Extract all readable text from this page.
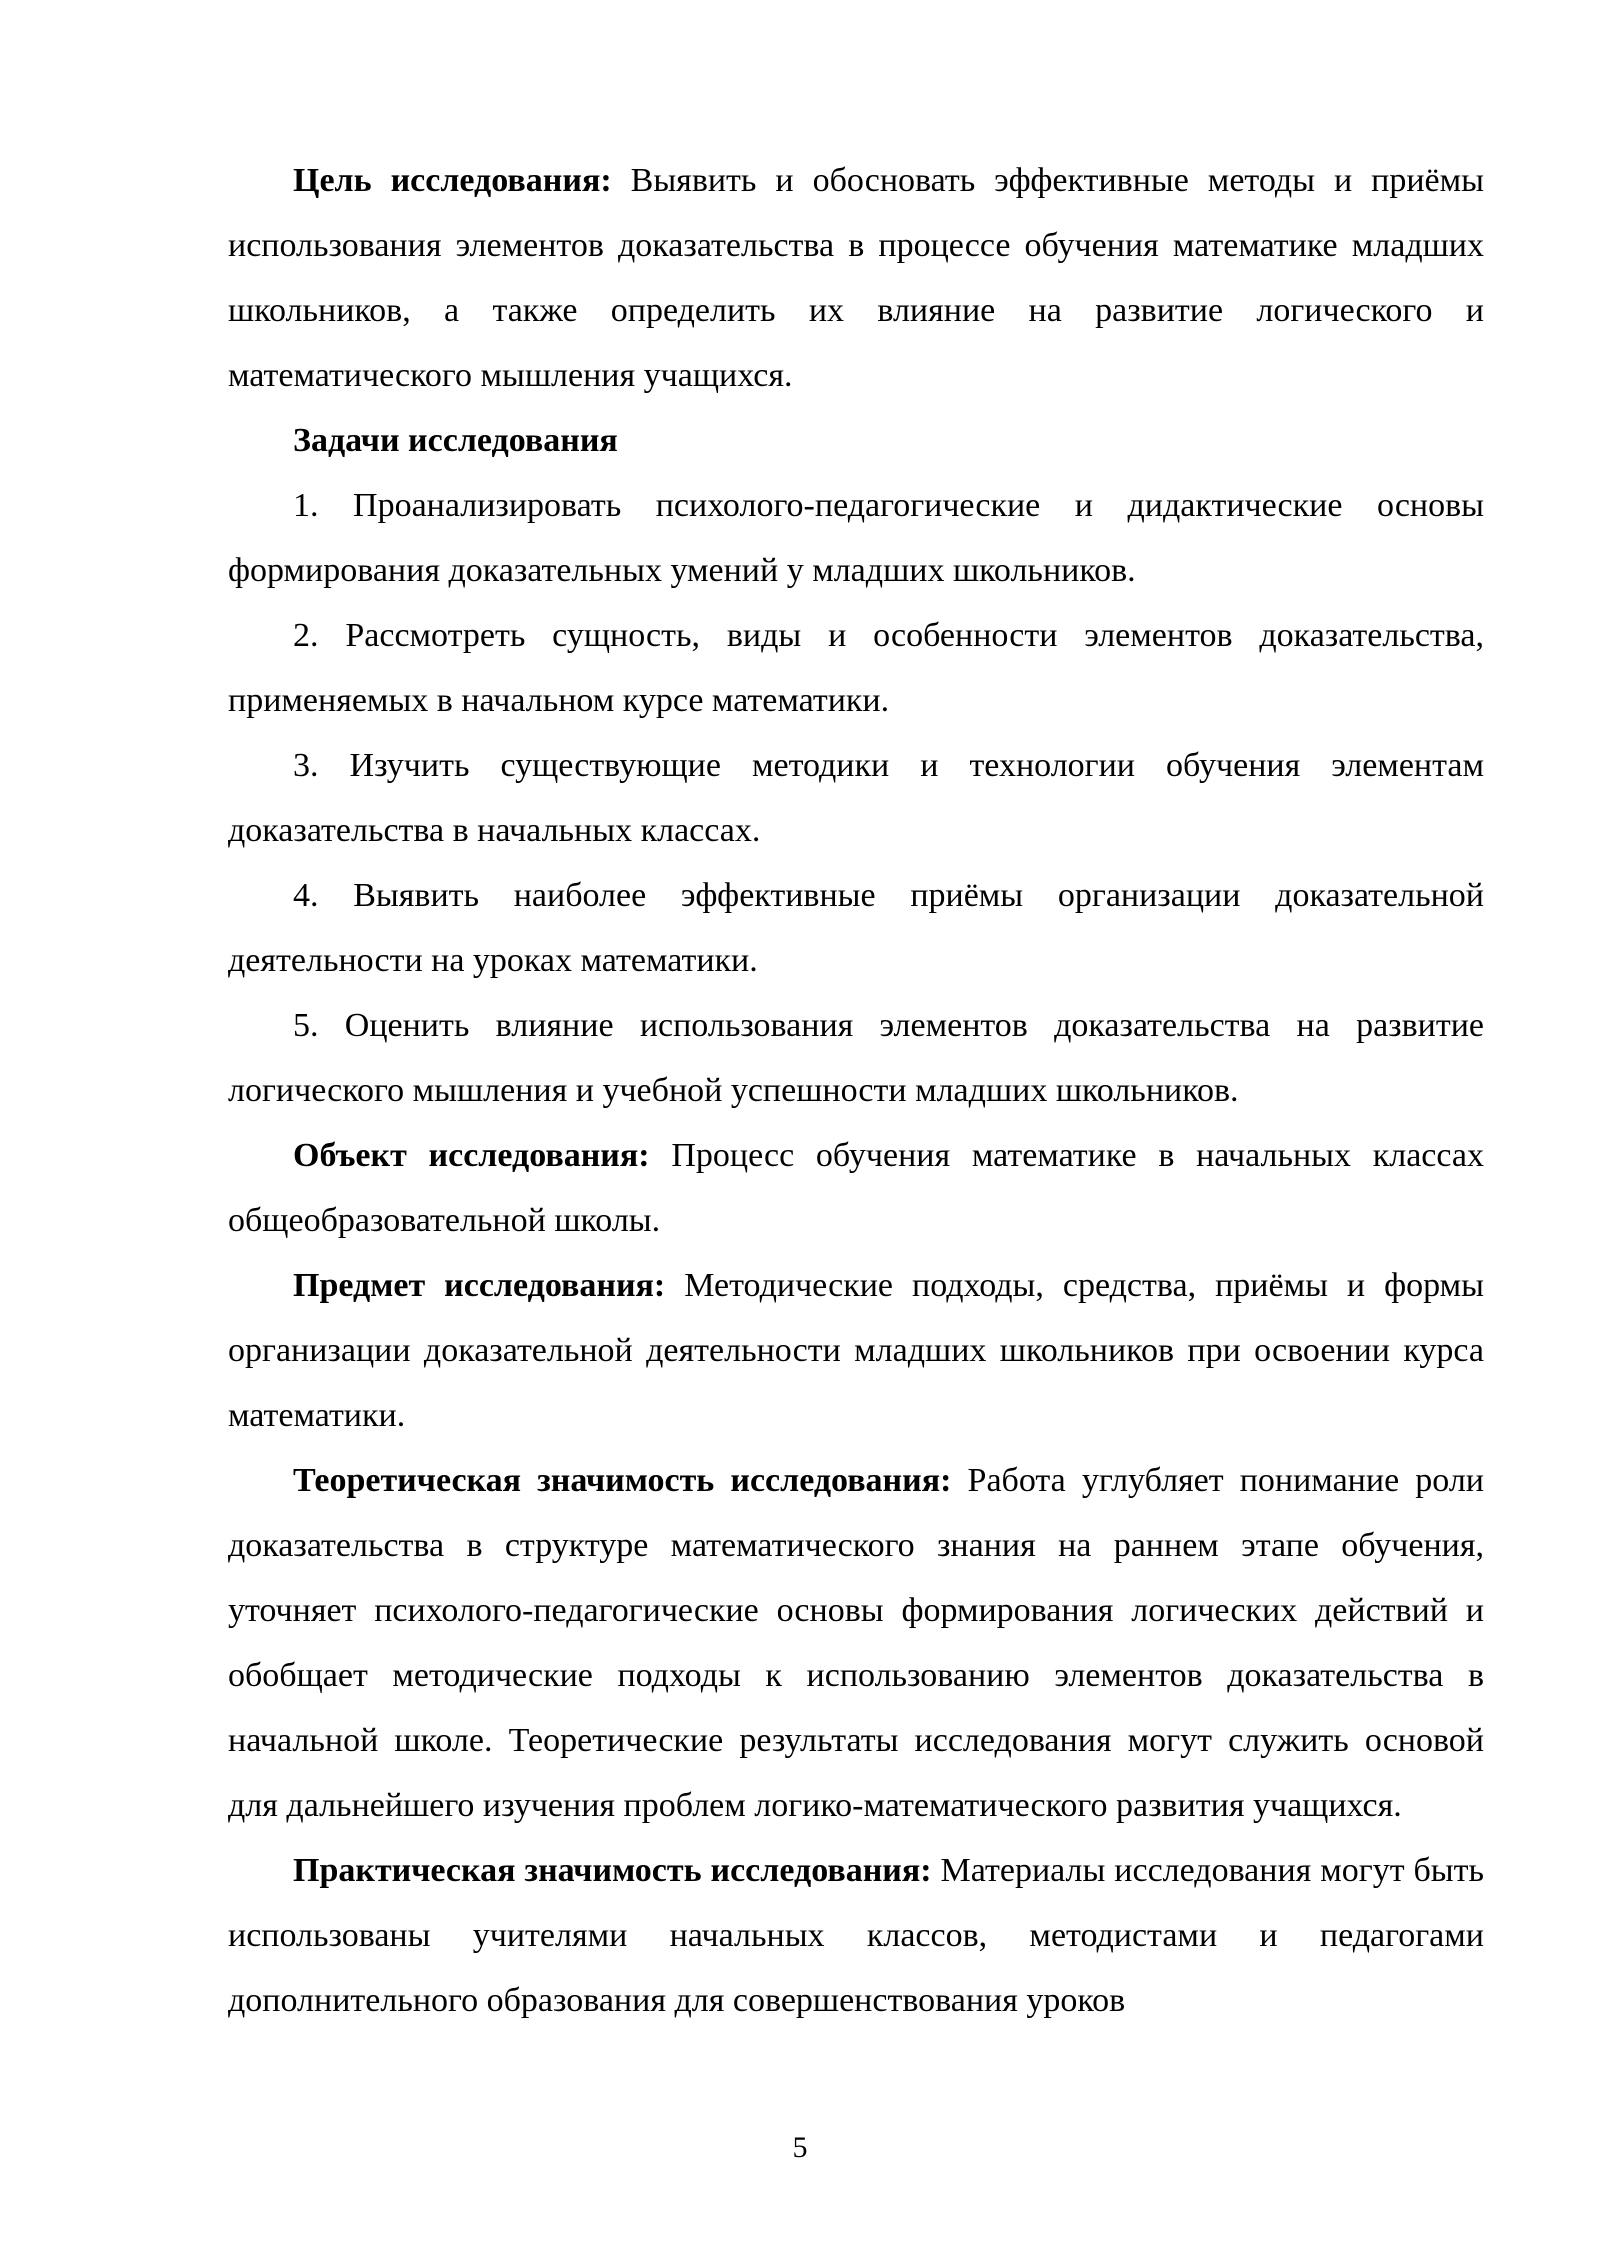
Цель исследования: Выявить и обосновать эффективные методы и приёмы использования элементов доказательства в процессе обучения математике младших школьников, а также определить их влияние на развитие логического и математического мышления учащихся.

Задачи исследования

1. Проанализировать психолого-педагогические и дидактические основы формирования доказательных умений у младших школьников.

2. Рассмотреть сущность, виды и особенности элементов доказательства, применяемых в начальном курсе математики.

3. Изучить существующие методики и технологии обучения элементам доказательства в начальных классах.

4. Выявить наиболее эффективные приёмы организации доказательной деятельности на уроках математики.

5. Оценить влияние использования элементов доказательства на развитие логического мышления и учебной успешности младших школьников.

Объект исследования: Процесс обучения математике в начальных классах общеобразовательной школы.

Предмет исследования: Методические подходы, средства, приёмы и формы организации доказательной деятельности младших школьников при освоении курса математики.

Теоретическая значимость исследования: Работа углубляет понимание роли доказательства в структуре математического знания на раннем этапе обучения, уточняет психолого-педагогические основы формирования логических действий и обобщает методические подходы к использованию элементов доказательства в начальной школе. Теоретические результаты исследования могут служить основой для дальнейшего изучения проблем логико-математического развития учащихся.

Практическая значимость исследования: Материалы исследования могут быть использованы учителями начальных классов, методистами и педагогами дополнительного образования для совершенствования уроков

5
